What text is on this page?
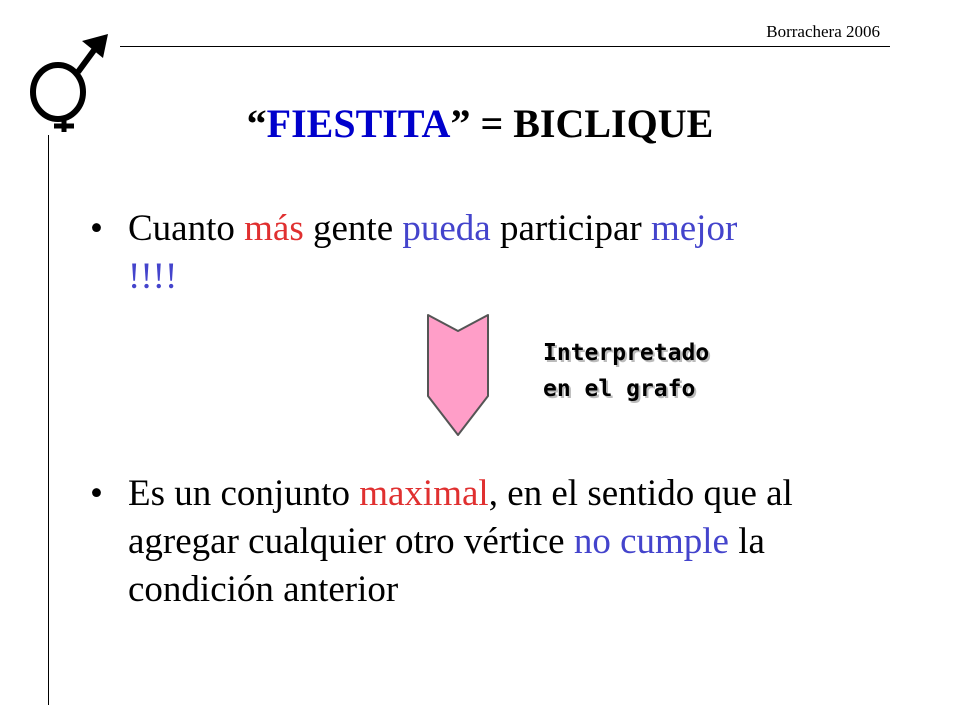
Borrachera 2006
“FIESTITA” = BICLIQUE
• Cuanto más gente pueda participar mejor !!!!
Interpretado
en el grafo
• Es un conjunto maximal, en el sentido que al agregar cualquier otro vértice no cumple la condición anterior
